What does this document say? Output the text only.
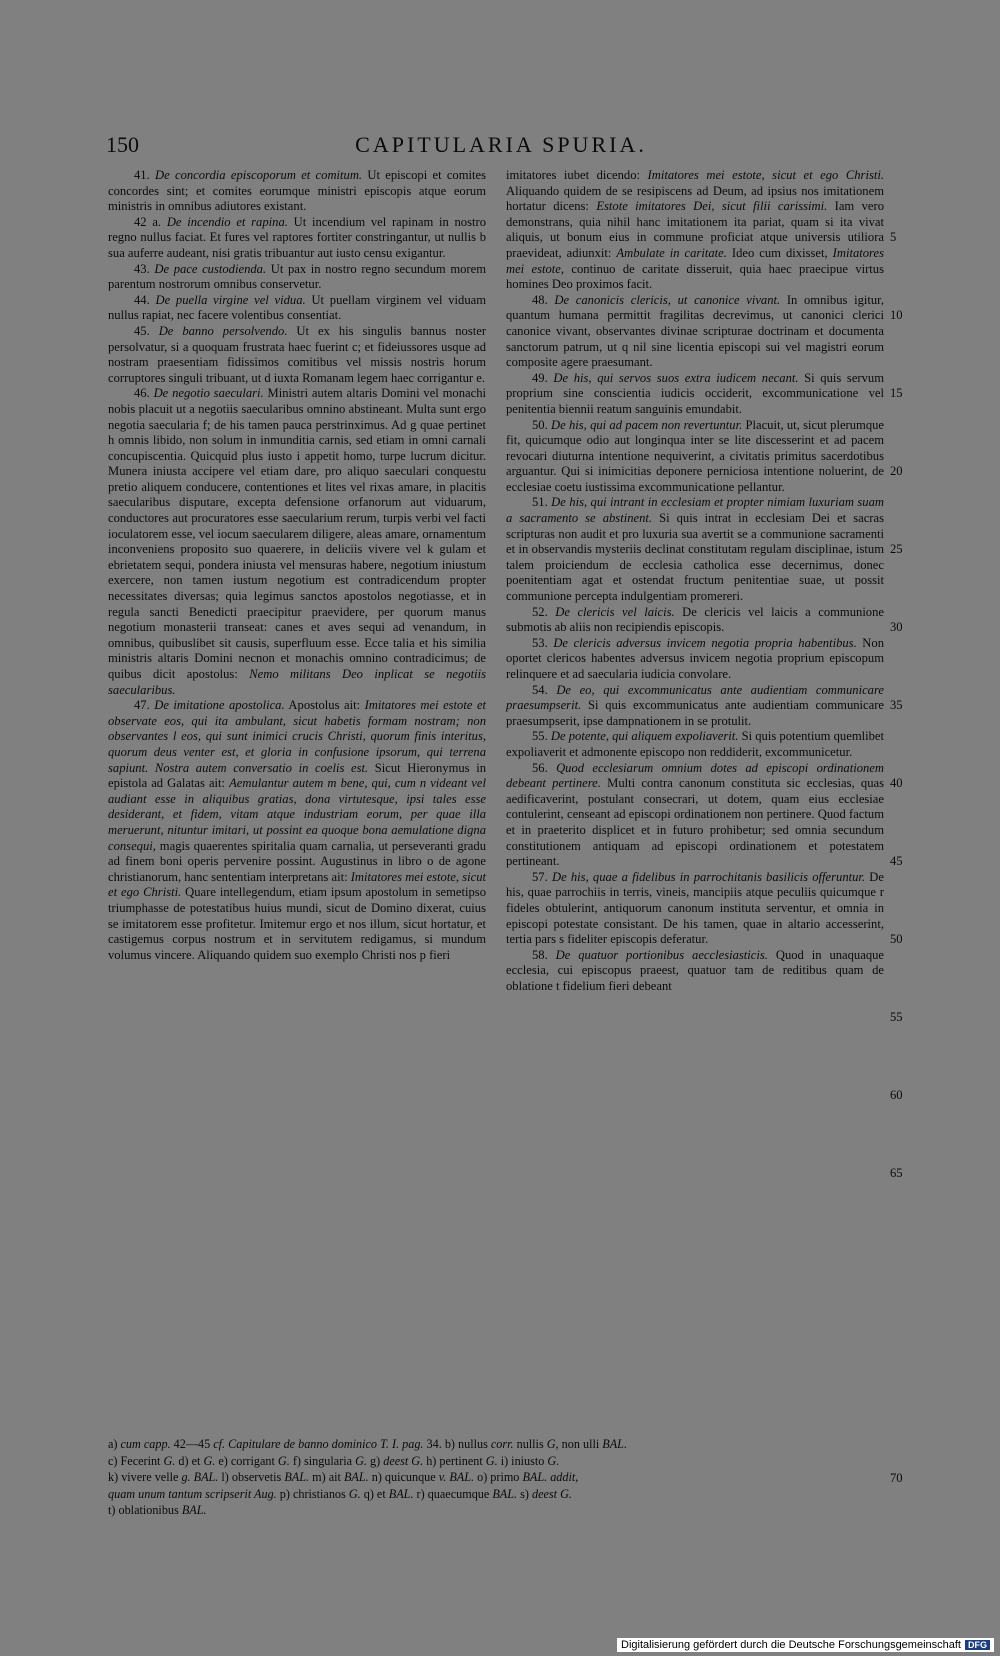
150	CAPITULARIA SPURIA.

41. De concordia episcoporum et comitum. Ut episcopi et comites concordes sint; et comites eorumque ministri episcopis atque eorum ministris in omnibus adiutores existant.

42 a. De incendio et rapina. Ut incendium vel rapinam in nostro regno nullus faciat. Et fures vel raptores fortiter constringantur, ut nullis b sua auferre audeant, nisi gratis tribuantur aut iusto censu exigantur.

43. De pace custodienda. Ut pax in nostro regno secundum morem parentum nostrorum omnibus conservetur.

44. De puella virgine vel vidua. Ut puellam virginem vel viduam nullus rapiat, nec facere volentibus consentiat.

45. De banno persolvendo. Ut ex his singulis bannus noster persolvatur, si a quoquam frustrata haec fuerint c; et fideiussores usque ad nostram praesentiam fidissimos comitibus vel missis nostris horum corruptores singuli tribuant, ut d iuxta Romanam legem haec corrigantur e.

46. De negotio saeculari. Ministri autem altaris Domini vel monachi nobis placuit ut a negotiis saecularibus omnino abstineant. Multa sunt ergo negotia saecularia f; de his tamen pauca perstrinximus. Ad g quae pertinet h omnis libido, non solum in inmunditia carnis, sed etiam in omni carnali concupiscentia. Quicquid plus iusto i appetit homo, turpe lucrum dicitur. Munera iniusta accipere vel etiam dare, pro aliquo saeculari conquestu pretio aliquem conducere, contentiones et lites vel rixas amare, in placitis saecularibus disputare, excepta defensione orfanorum aut viduarum, conductores aut procuratores esse saecularium rerum, turpis verbi vel facti ioculatorem esse, vel iocum saecularem diligere, aleas amare, ornamentum inconveniens proposito suo quaerere, in deliciis vivere vel k gulam et ebrietatem sequi, pondera iniusta vel mensuras habere, negotium iniustum exercere, non tamen iustum negotium est contradicendum propter necessitates diversas; quia legimus sanctos apostolos negotiasse, et in regula sancti Benedicti praecipitur praevidere, per quorum manus negotium monasterii transeat: canes et aves sequi ad venandum, in omnibus, quibuslibet sit causis, superfluum esse. Ecce talia et his similia ministris altaris Domini necnon et monachis omnino contradicimus; de quibus dicit apostolus: Nemo militans Deo inplicat se negotiis saecularibus.

47. De imitatione apostolica. Apostolus ait: Imitatores mei estote et observate eos, qui ita ambulant, sicut habetis formam nostram; non observantes l eos, qui sunt inimici crucis Christi, quorum finis interitus, quorum deus venter est, et gloria in confusione ipsorum, qui terrena sapiunt. Nostra autem conversatio in coelis est. Sicut Hieronymus in epistola ad Galatas ait: Aemulantur autem m bene, qui, cum n videant vel audiant esse in aliquibus gratias, dona virtutesque, ipsi tales esse desiderant, et fidem, vitam atque industriam eorum, per quae illa meruerunt, nituntur imitari, ut possint ea quoque bona aemulatione digna consequi, magis quaerentes spiritalia quam carnalia, ut perseveranti gradu ad finem boni operis pervenire possint. Augustinus in libro o de agone christianorum, hanc sententiam interpretans ait: Imitatores mei estote, sicut et ego Christi. Quare intellegendum, etiam ipsum apostolum in semetipso triumphasse de potestatibus huius mundi, sicut de Domino dixerat, cuius se imitatorem esse profitetur. Imitemur ergo et nos illum, sicut hortatur, et castigemus corpus nostrum et in servitutem redigamus, si mundum volumus vincere. Aliquando quidem suo exemplo Christi nos p fieri

imitatores iubet dicendo: Imitatores mei estote, sicut et ego Christi. Aliquando quidem de se resipiscens ad Deum, ad ipsius nos imitationem hortatur dicens: Estote imitatores Dei, sicut filii carissimi. Iam vero demonstrans, quia nihil hanc imitationem ita pariat, quam si ita vivat aliquis, ut bonum eius in commune proficiat atque universis utiliora praevideat, adiunxit: Ambulate in caritate. Ideo cum dixisset, Imitatores mei estote, continuo de caritate disseruit, quia haec praecipue virtus homines Deo proximos facit.

48. De canonicis clericis, ut canonice vivant. In omnibus igitur, quantum humana permittit fragilitas decrevimus, ut canonici clerici canonice vivant, observantes divinae scripturae doctrinam et documenta sanctorum patrum, ut q nil sine licentia episcopi sui vel magistri eorum composite agere praesumant.

49. De his, qui servos suos extra iudicem necant. Si quis servum proprium sine conscientia iudicis occiderit, excommunicatione vel penitentia biennii reatum sanguinis emundabit.

50. De his, qui ad pacem non revertuntur. Placuit, ut, sicut plerumque fit, quicumque odio aut longinqua inter se lite discesserint et ad pacem revocari diuturna intentione nequiverint, a civitatis primitus sacerdotibus arguantur. Qui si inimicitias deponere perniciosa intentione noluerint, de ecclesiae coetu iustissima excommunicatione pellantur.

51. De his, qui intrant in ecclesiam et propter nimiam luxuriam suam a sacramento se abstinent. Si quis intrat in ecclesiam Dei et sacras scripturas non audit et pro luxuria sua avertit se a communione sacramenti et in observandis mysteriis declinat constitutam regulam disciplinae, istum talem proiciendum de ecclesia catholica esse decernimus, donec poenitentiam agat et ostendat fructum penitentiae suae, ut possit communione percepta indulgentiam promereri.

52. De clericis vel laicis. De clericis vel laicis a communione submotis ab aliis non recipiendis episcopis.

53. De clericis adversus invicem negotia propria habentibus. Non oportet clericos habentes adversus invicem negotia proprium episcopum relinquere et ad saecularia iudicia convolare.

54. De eo, qui excommunicatus ante audientiam communicare praesumpserit. Si quis excommunicatus ante audientiam communicare praesumpserit, ipse dampnationem in se protulit.

55. De potente, qui aliquem expoliaverit. Si quis potentium quemlibet expoliaverit et admonente episcopo non reddiderit, excommunicetur.

56. Quod ecclesiarum omnium dotes ad episcopi ordinationem debeant pertinere. Multi contra canonum constituta sic ecclesias, quas aedificaverint, postulant consecrari, ut dotem, quam eius ecclesiae contulerint, censeant ad episcopi ordinationem non pertinere. Quod factum et in praeterito displicet et in futuro prohibetur; sed omnia secundum constitutionem antiquam ad episcopi ordinationem et potestatem pertineant.

57. De his, quae a fidelibus in parrochitanis basilicis offeruntur. De his, quae parrochiis in terris, vineis, mancipiis atque peculiis quicumque r fideles obtulerint, antiquorum canonum instituta serventur, et omnia in episcopi potestate consistant. De his tamen, quae in altario accesserint, tertia pars s fideliter episcopis deferatur.

58. De quatuor portionibus aecclesiasticis. Quod in unaquaque ecclesia, cui episcopus praeest, quatuor tam de reditibus quam de oblatione t fidelium fieri debeant

5
10
15
20
25
30
35
40
45
50
55
60
65
a) cum capp. 42—45 cf. Capitulare de banno dominico T. I. pag. 34. b) nullus corr. nullis G, non ulli BAL.
c) Fecerint G. d) et G. e) corrigant G. f) singularia G. g) deest G. h) pertinent G. i) iniusto G.
k) vivere velle g. BAL. l) observetis BAL. m) ait BAL. n) quicunque v. BAL. o) primo BAL. addit,
quam unum tantum scripserit Aug. p) christianos G. q) et BAL. r) quaecumque BAL. s) deest G.
t) oblationibus BAL.
70
Digitalisierung gefördert durch die Deutsche Forschungsgemeinschaft DFG
